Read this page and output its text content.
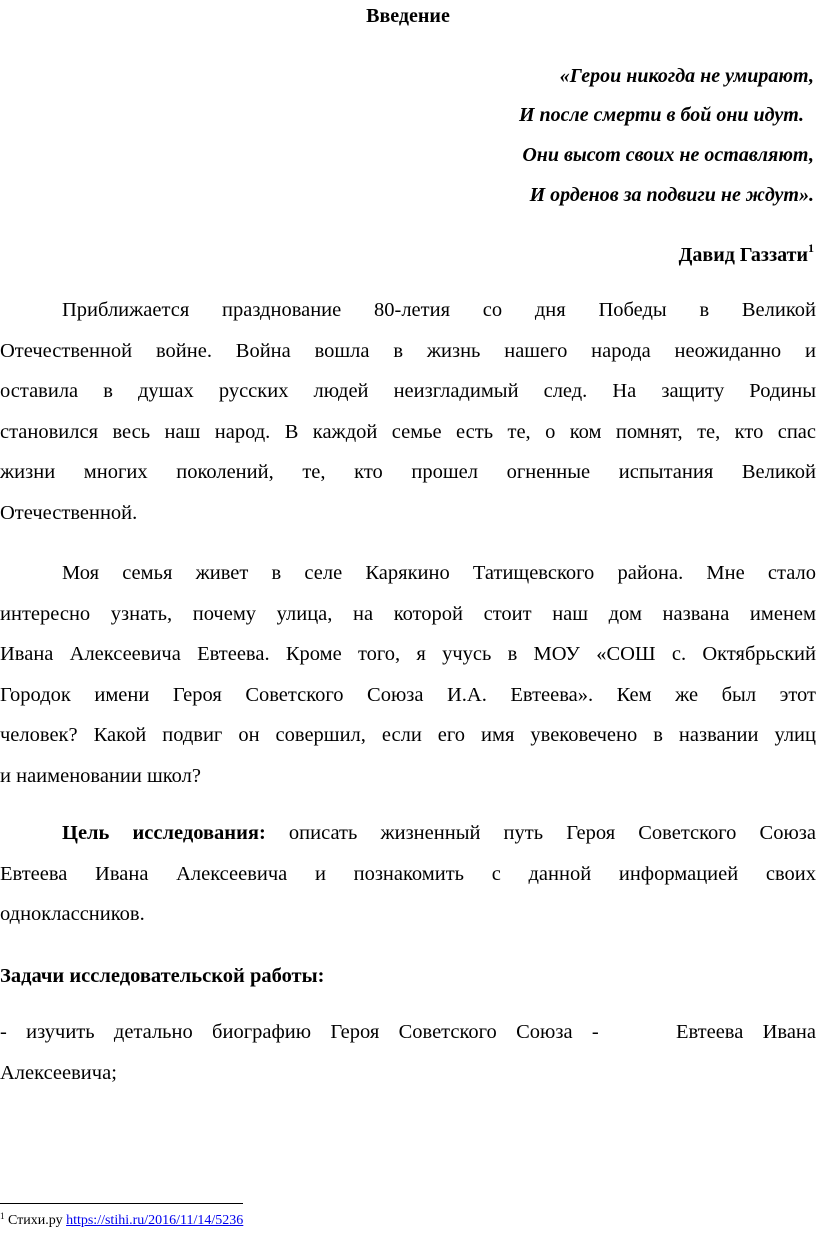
Введение
«Герои никогда не умирают,
И после смерти в бой они идут.
Они высот своих не оставляют,
И орденов за подвиги не ждут».
Давид Газзати$^1$
Приближается празднование 80-летия со дня Победы в Великой
Отечественной войне. Война вошла в жизнь нашего народа неожиданно и
оставила в душах русских людей неизгладимый след. На защиту Родины
становился весь наш народ. В каждой семье есть те, о ком помнят, те, кто спас
жизни многих поколений, те, кто прошел огненные испытания Великой
Отечественной.
Моя семья живет в селе Карякино Татищевского района. Мне стало
интересно узнать, почему улица, на которой стоит наш дом названа именем
Ивана Алексеевича Евтеева. Кроме того, я учусь в МОУ «СОШ с. Октябрьский
Городок имени Героя Советского Союза И.А. Евтеева». Кем же был этот
человек? Какой подвиг он совершил, если его имя увековечено в названии улиц
и наименовании школ?
Цель исследования: описать жизненный путь Героя Советского Союза
Евтеева Ивана Алексеевича и познакомить с данной информацией своих
одноклассников.
Задачи исследовательской работы:
- изучить детально биографию Героя Советского Союза -    Евтеева Ивана
Алексеевича;
$^1$ Стихи.ру https://stihi.ru/2016/11/14/5236
